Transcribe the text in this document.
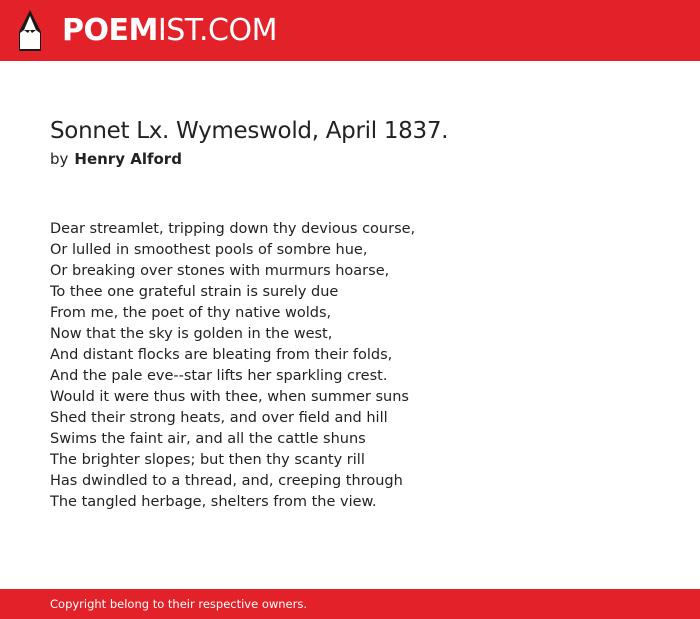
POEMIST.COM
Sonnet Lx. Wymeswold, April 1837.
by Henry Alford
Dear streamlet, tripping down thy devious course,
Or lulled in smoothest pools of sombre hue,
Or breaking over stones with murmurs hoarse,
To thee one grateful strain is surely due
From me, the poet of thy native wolds,
Now that the sky is golden in the west,
And distant flocks are bleating from their folds,
And the pale eve--star lifts her sparkling crest.
Would it were thus with thee, when summer suns
Shed their strong heats, and over field and hill
Swims the faint air, and all the cattle shuns
The brighter slopes; but then thy scanty rill
Has dwindled to a thread, and, creeping through
The tangled herbage, shelters from the view.
Copyright belong to their respective owners.
